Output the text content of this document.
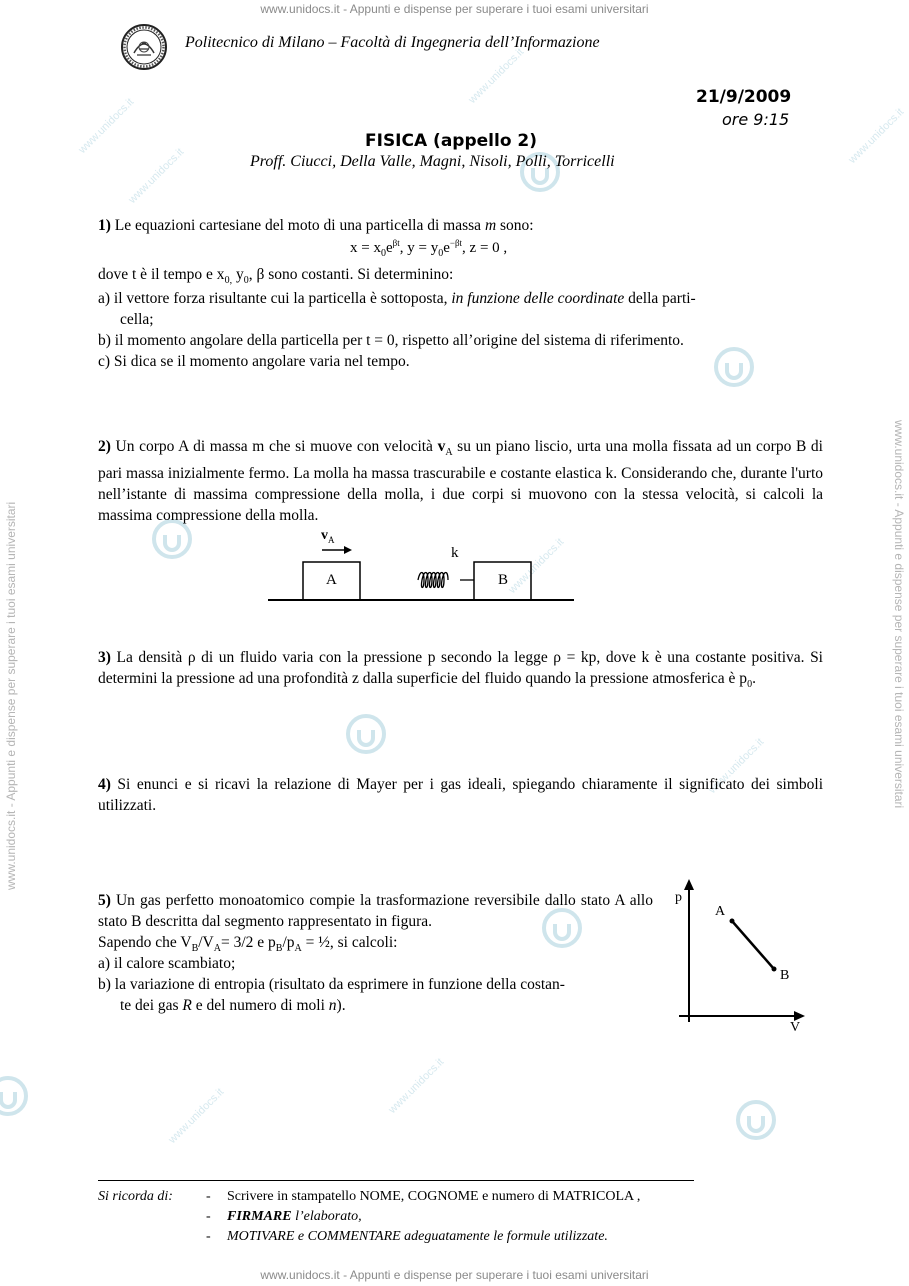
www.unidocs.it - Appunti e dispense per superare i tuoi esami universitari
www.unidocs.it - Appunti e dispense per superare i tuoi esami universitari
www.unidocs.it - Appunti e dispense per superare i tuoi esami universitari	www.unidocs.it - Appunti e dispense per superare i tuoi esami universitari
www.unidocs.it
www.unidocs.it
www.unidocs.it
www.unidocs.it
www.unidocs.it
www.unidocs.it
www.unidocs.it
www.unidocs.it
Politecnico di Milano – Facoltà di Ingegneria dell’Informazione
21/9/2009
ore 9:15
FISICA (appello 2)
Proff. Ciucci, Della Valle, Magni, Nisoli, Polli, Torricelli
1) Le equazioni cartesiane del moto di una particella di massa m sono:
$x = x_0e^{\beta t}$, $y = y_0e^{-\beta t}$, z = 0 ,
dove t è il tempo e $x_{0,}$ $y_0$, β sono costanti. Si determinino:
a) il vettore forza risultante cui la particella è sottoposta, in funzione delle coordinate della parti-
cella;
b) il momento angolare della particella per t = 0, rispetto all’origine del sistema di riferimento.
c) Si dica se il momento angolare varia nel tempo.
2) Un corpo A di massa m che si muove con velocità $v_A$ su un piano liscio, urta una molla fissata ad un corpo B di pari massa inizialmente fermo. La molla ha massa trascurabile e costante elastica k. Considerando che, durante l'urto nell’istante di massima compressione della molla, i due corpi si muovono con la stessa velocità, si calcoli la massima compressione della molla.
$v_A$
k
A	B
3) La densità ρ di un fluido varia con la pressione p secondo la legge ρ = kp, dove k è una costante positiva. Si determini la pressione ad una profondità z dalla superficie del fluido quando la pressione atmosferica è $p_0$.
4) Si enunci e si ricavi la relazione di Mayer per i gas ideali, spiegando chiaramente il significato dei simboli utilizzati.
5) Un gas perfetto monoatomico compie la trasformazione reversibile dallo stato A allo stato B descritta dal segmento rappresentato in figura.
Sapendo che $V_B/V_A= 3/2$ e $p_B/p_A$ = ½, si calcoli:
a) il calore scambiato;
b) la variazione di entropia (risultato da esprimere in funzione della costan-
te dei gas R e del numero di moli n).
p
V
A
B
Si ricorda di: - Scrivere in stampatello NOME, COGNOME e numero di MATRICOLA ,
- FIRMARE l’elaborato,
- MOTIVARE e COMMENTARE adeguatamente le formule utilizzate.
